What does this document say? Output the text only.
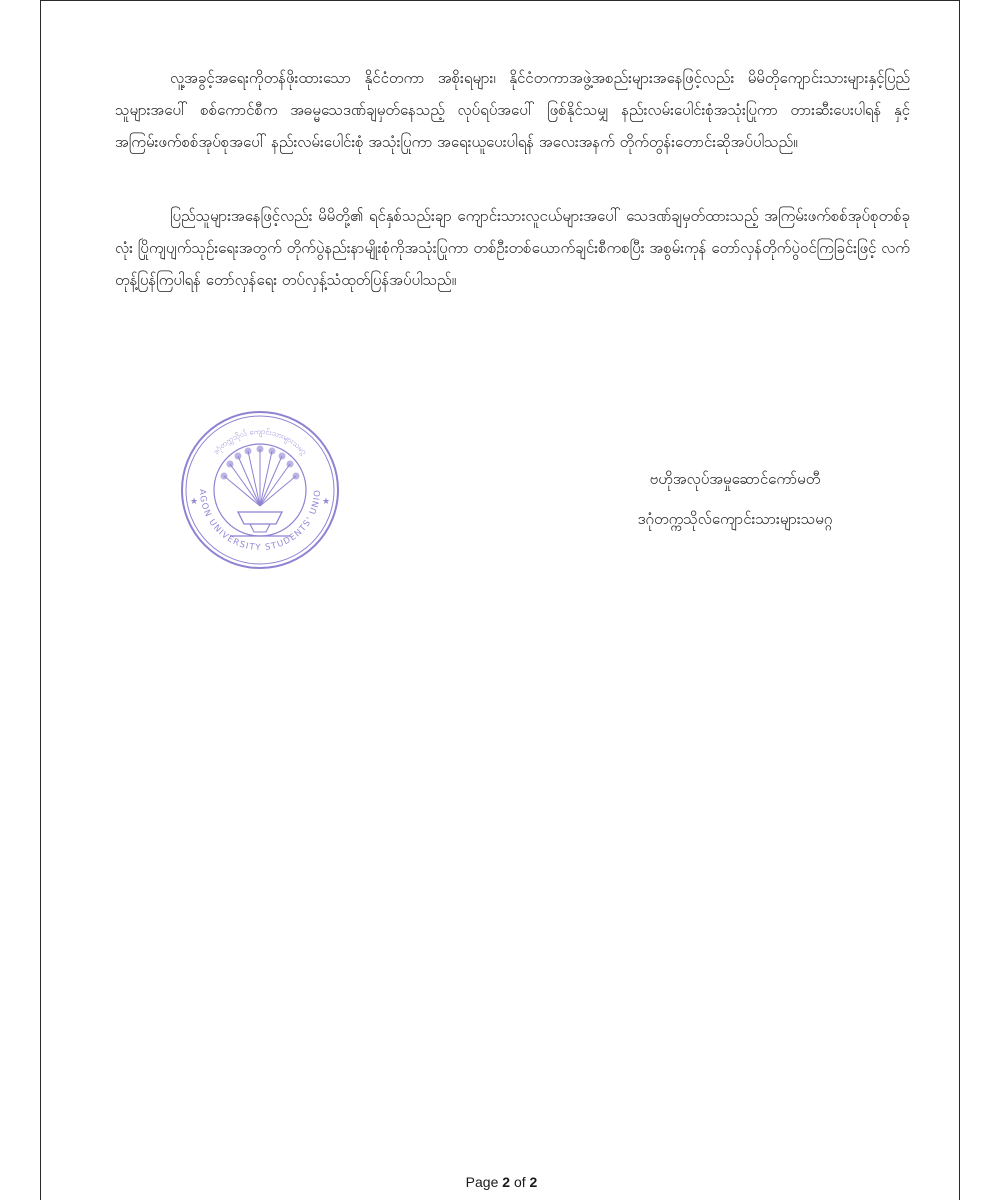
လူ့အခွင့်အရေးကိုတန်ဖိုးထားသော နိုင်ငံတကာ အစိုးရများ၊ နိုင်ငံတကာအဖွဲ့အစည်းများအနေဖြင့်လည်း မိမိတိုကျောင်းသားများနှင့်ပြည်သူများအပေါ် စစ်ကောင်စီက အဓမ္မသေဒဏ်ချမှတ်နေသည့် လုပ်ရပ်အပေါ် ဖြစ်နိုင်သမျှ နည်းလမ်းပေါင်းစုံအသုံးပြုကာ တားဆီးပေးပါရန် နှင့် အကြမ်းဖက်စစ်အုပ်စုအပေါ် နည်းလမ်းပေါင်းစုံ အသုံးပြုကာ အရေးယူပေးပါရန် အလေးအနက် တိုက်တွန်းတောင်းဆိုအပ်ပါသည်။

ပြည်သူများအနေဖြင့်လည်း မိမိတို့၏ ရင်နှစ်သည်းချာ ကျောင်းသားလူငယ်များအပေါ် သေဒဏ်ချမှတ်ထားသည့် အကြမ်းဖက်စစ်အုပ်စုတစ်ခုလုံး ပြိုကျပျက်သုဉ်းရေးအတွက် တိုက်ပွဲနည်းနာမျိုးစုံကိုအသုံးပြုကာ တစ်ဦးတစ်ယောက်ချင်းစီကစပြီး အစွမ်းကုန် တော်လှန်တိုက်ပွဲဝင်ကြခြင်းဖြင့် လက်တုန့်ပြန်ကြပါရန် တော်လှန်ရေး တပ်လှန့်သံထုတ်ပြန်အပ်ပါသည်။

AGON UNIVERSITY STUDENTS' UNIO
ဒဂုံတက္ကသိုလ် ကျောင်းသားများသမဂ္ဂ
★	★
ဗဟိုအလုပ်အမှုဆောင်ကော်မတီ
ဒဂုံတက္ကသိုလ်ကျောင်းသားများသမဂ္ဂ
Page 2 of 2
